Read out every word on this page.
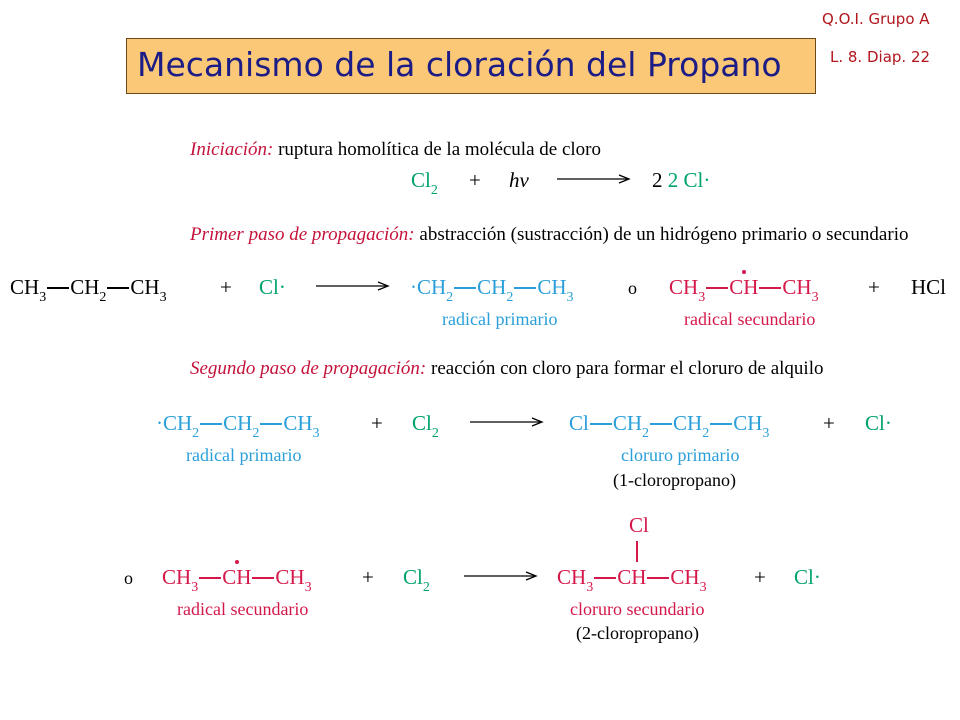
Q.O.I. Grupo A
L. 8. Diap. 22
Mecanismo de la cloración del Propano
Iniciación: ruptura homolítica de la molécula de cloro
$Cl_2$ + hv	2 2 Cl·
Primer paso de propagación: abstracción (sustracción) de un hidrógeno primario o secundario
$CH_3$ $CH_2$ $CH_3$	+ Cl·	$\cdot CH_2$ $CH_2$ $CH_3$	o $CH_3$ CH $CH_3$ + HCl
radical primario	radical secundario
Segundo paso de propagación: reacción con cloro para formar el cloruro de alquilo
$\cdot CH_2$ $CH_2$ $CH_3 + Cl_2$	Cl $CH_2$ $CH_2$ $CH_3$	+ Cl·
radical primario	cloruro primario
(1-cloropropano)
o $CH_3$ CH $CH_3 + Cl_2$
Cl
$CH_3$ CH $CH_3 + Cl\cdot$
radical secundario	cloruro secundario
(2-cloropropano)
